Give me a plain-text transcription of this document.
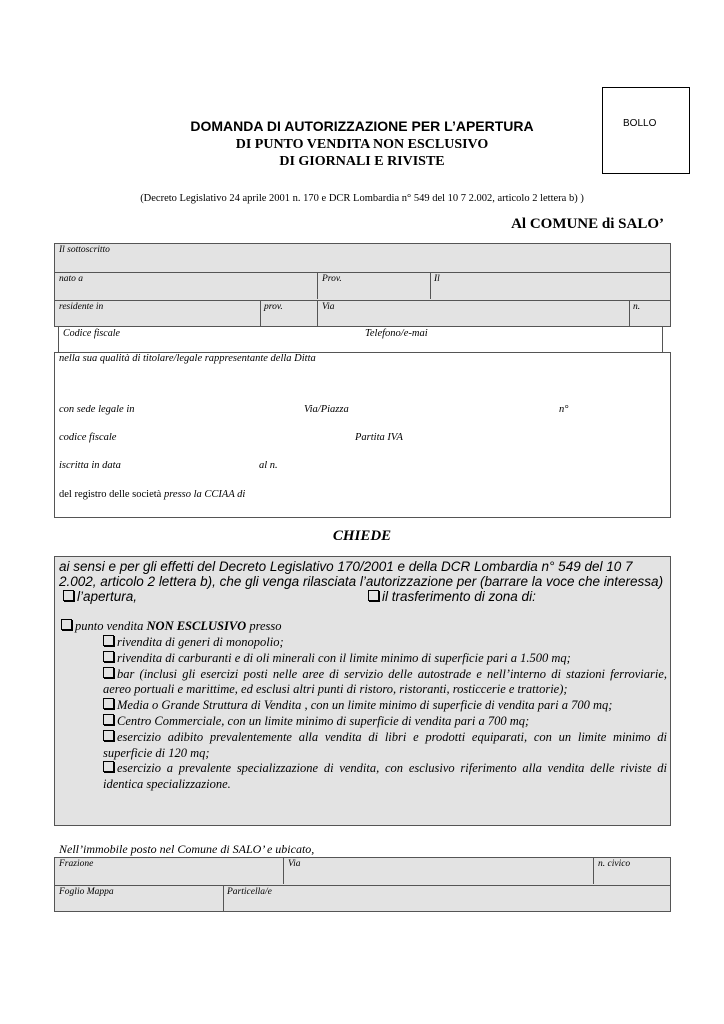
BOLLO
DOMANDA DI AUTORIZZAZIONE PER L’APERTURA
DI PUNTO VENDITA NON ESCLUSIVO
DI GIORNALI E RIVISTE
(Decreto Legislativo 24 aprile 2001 n. 170 e DCR Lombardia n° 549 del 10 7 2.002, articolo 2 lettera b) )
Al COMUNE di SALO’
Il sottoscritto
nato a	Prov.	Il
residente in	prov.	Via	n.
Codice fiscale	Telefono/e-mai
nella sua qualità di titolare/legale rappresentante della Ditta
con sede legale in	Via/Piazza	n°
codice fiscale	Partita IVA
iscritta in data	al n.
del registro delle società presso la CCIAA di
CHIEDE
ai sensi e per gli effetti del Decreto Legislativo 170/2001 e della DCR Lombardia n° 549 del 10 7
2.002, articolo 2 lettera b), che gli venga rilasciata l’autorizzazione per (barrare la voce che interessa)
l’apertura,	il trasferimento di zona di:
punto vendita NON ESCLUSIVO presso
rivendita di generi di monopolio;
rivendita di carburanti e di oli minerali con il limite minimo di superficie pari a 1.500 mq;
bar (inclusi gli esercizi posti nelle aree di servizio delle autostrade e nell’interno di stazioni ferroviarie, aereo portuali e marittime, ed esclusi altri punti di ristoro, ristoranti, rosticcerie e trattorie);
Media o Grande Struttura di Vendita , con un limite minimo di superficie di vendita pari a 700 mq;
Centro Commerciale, con un limite minimo di superficie di vendita pari a 700 mq;
esercizio adibito prevalentemente alla vendita di libri e prodotti equiparati, con un limite minimo di superficie di 120 mq;
esercizio a prevalente specializzazione di vendita, con esclusivo riferimento alla vendita delle riviste di identica specializzazione.
Nell’immobile posto nel Comune di SALO’ e ubicato,
Frazione	Via	n. civico
Foglio Mappa	Particella/e
